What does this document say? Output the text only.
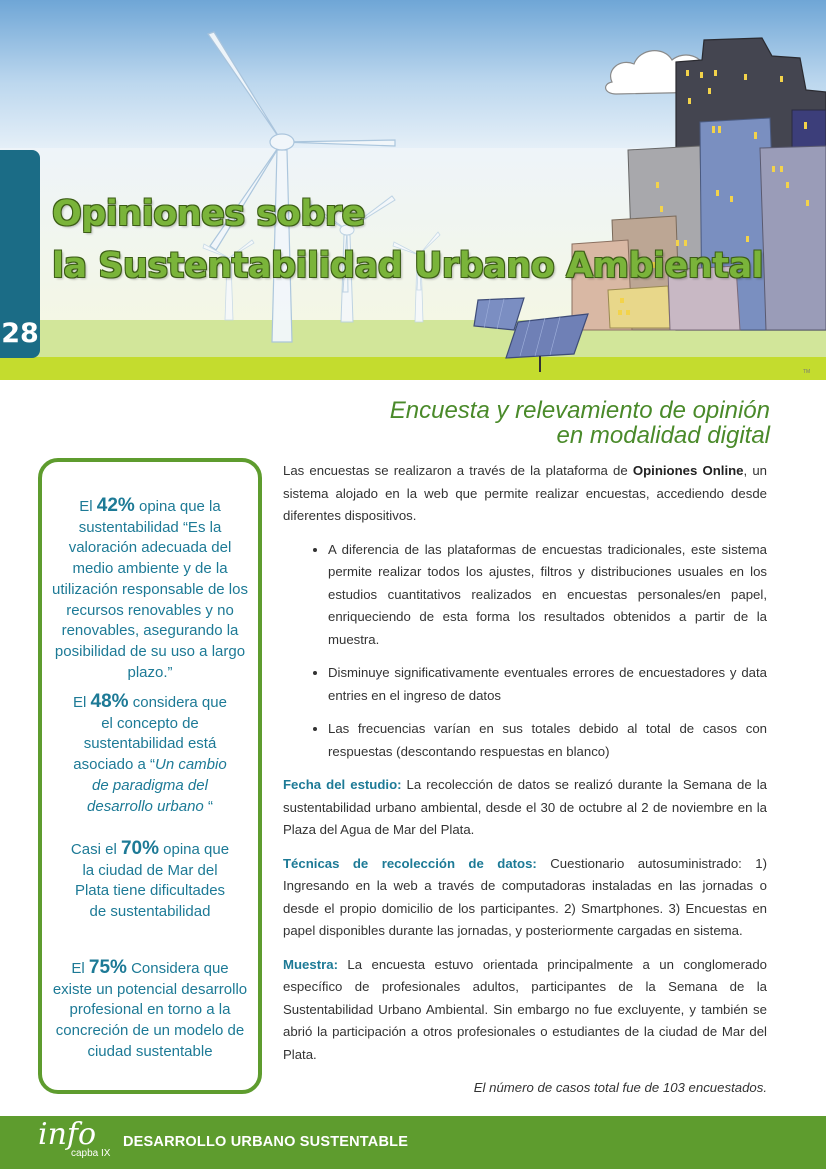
28
Opiniones sobre
la Sustentabilidad Urbano Ambiental
TM
Encuesta y relevamiento de opinión
en modalidad digital
El 42% opina que la sustentabilidad “Es la valoración adecuada del medio ambiente y de la utilización responsable de los recursos renovables y no renovables, asegurando la posibilidad de su uso a largo plazo.”
El 48% considera que el concepto de sustentabilidad está asociado a “Un cambio de paradigma del desarrollo urbano “
Casi el 70% opina que la ciudad de Mar del Plata tiene dificultades de sustentabilidad
El 75% Considera que existe un potencial desarrollo profesional en torno a la concreción de un modelo de ciudad sustentable

Las encuestas se realizaron a través de la plataforma de Opiniones Online, un sistema alojado en la web que permite realizar encuestas, accediendo desde diferentes dispositivos.

• A diferencia de las plataformas de encuestas tradicionales, este sistema permite realizar todos los ajustes, filtros y distribuciones usuales en los estudios cuantitativos realizados en encuestas personales/en papel, enriqueciendo de esta forma los resultados obtenidos a partir de la muestra.
• Disminuye significativamente eventuales errores de encuestadores y data entries en el ingreso de datos
• Las frecuencias varían en sus totales debido al total de casos con respuestas (descontando respuestas en blanco)

Fecha del estudio: La recolección de datos se realizó durante la Semana de la sustentabilidad urbano ambiental, desde el 30 de octubre al 2 de noviembre en la Plaza del Agua de Mar del Plata.

Técnicas de recolección de datos: Cuestionario autosuministrado: 1) Ingresando en la web a través de computadoras instaladas en las jornadas o desde el propio domicilio de los participantes. 2) Smartphones. 3) Encuestas en papel disponibles durante las jornadas, y posteriormente cargadas en sistema.

Muestra: La encuesta estuvo orientada principalmente a un conglomerado específico de profesionales adultos, participantes de la Semana de la Sustentabilidad Urbano Ambiental. Sin embargo no fue excluyente, y también se abrió la participación a otros profesionales o estudiantes de la ciudad de Mar del Plata.

El número de casos total fue de 103 encuestados.

info
capba IX
DESARROLLO URBANO SUSTENTABLE
